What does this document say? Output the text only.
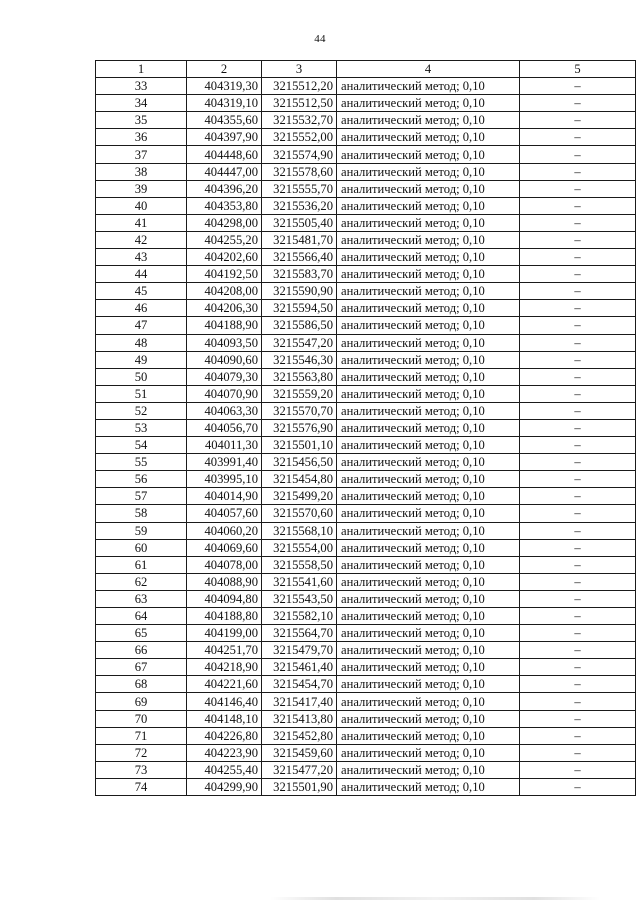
44
1	2	3	4	5
33	404319,30	3215512,20	аналитический метод; 0,10	–
34	404319,10	3215512,50	аналитический метод; 0,10	–
35	404355,60	3215532,70	аналитический метод; 0,10	–
36	404397,90	3215552,00	аналитический метод; 0,10	–
37	404448,60	3215574,90	аналитический метод; 0,10	–
38	404447,00	3215578,60	аналитический метод; 0,10	–
39	404396,20	3215555,70	аналитический метод; 0,10	–
40	404353,80	3215536,20	аналитический метод; 0,10	–
41	404298,00	3215505,40	аналитический метод; 0,10	–
42	404255,20	3215481,70	аналитический метод; 0,10	–
43	404202,60	3215566,40	аналитический метод; 0,10	–
44	404192,50	3215583,70	аналитический метод; 0,10	–
45	404208,00	3215590,90	аналитический метод; 0,10	–
46	404206,30	3215594,50	аналитический метод; 0,10	–
47	404188,90	3215586,50	аналитический метод; 0,10	–
48	404093,50	3215547,20	аналитический метод; 0,10	–
49	404090,60	3215546,30	аналитический метод; 0,10	–
50	404079,30	3215563,80	аналитический метод; 0,10	–
51	404070,90	3215559,20	аналитический метод; 0,10	–
52	404063,30	3215570,70	аналитический метод; 0,10	–
53	404056,70	3215576,90	аналитический метод; 0,10	–
54	404011,30	3215501,10	аналитический метод; 0,10	–
55	403991,40	3215456,50	аналитический метод; 0,10	–
56	403995,10	3215454,80	аналитический метод; 0,10	–
57	404014,90	3215499,20	аналитический метод; 0,10	–
58	404057,60	3215570,60	аналитический метод; 0,10	–
59	404060,20	3215568,10	аналитический метод; 0,10	–
60	404069,60	3215554,00	аналитический метод; 0,10	–
61	404078,00	3215558,50	аналитический метод; 0,10	–
62	404088,90	3215541,60	аналитический метод; 0,10	–
63	404094,80	3215543,50	аналитический метод; 0,10	–
64	404188,80	3215582,10	аналитический метод; 0,10	–
65	404199,00	3215564,70	аналитический метод; 0,10	–
66	404251,70	3215479,70	аналитический метод; 0,10	–
67	404218,90	3215461,40	аналитический метод; 0,10	–
68	404221,60	3215454,70	аналитический метод; 0,10	–
69	404146,40	3215417,40	аналитический метод; 0,10	–
70	404148,10	3215413,80	аналитический метод; 0,10	–
71	404226,80	3215452,80	аналитический метод; 0,10	–
72	404223,90	3215459,60	аналитический метод; 0,10	–
73	404255,40	3215477,20	аналитический метод; 0,10	–
74	404299,90	3215501,90	аналитический метод; 0,10	–
